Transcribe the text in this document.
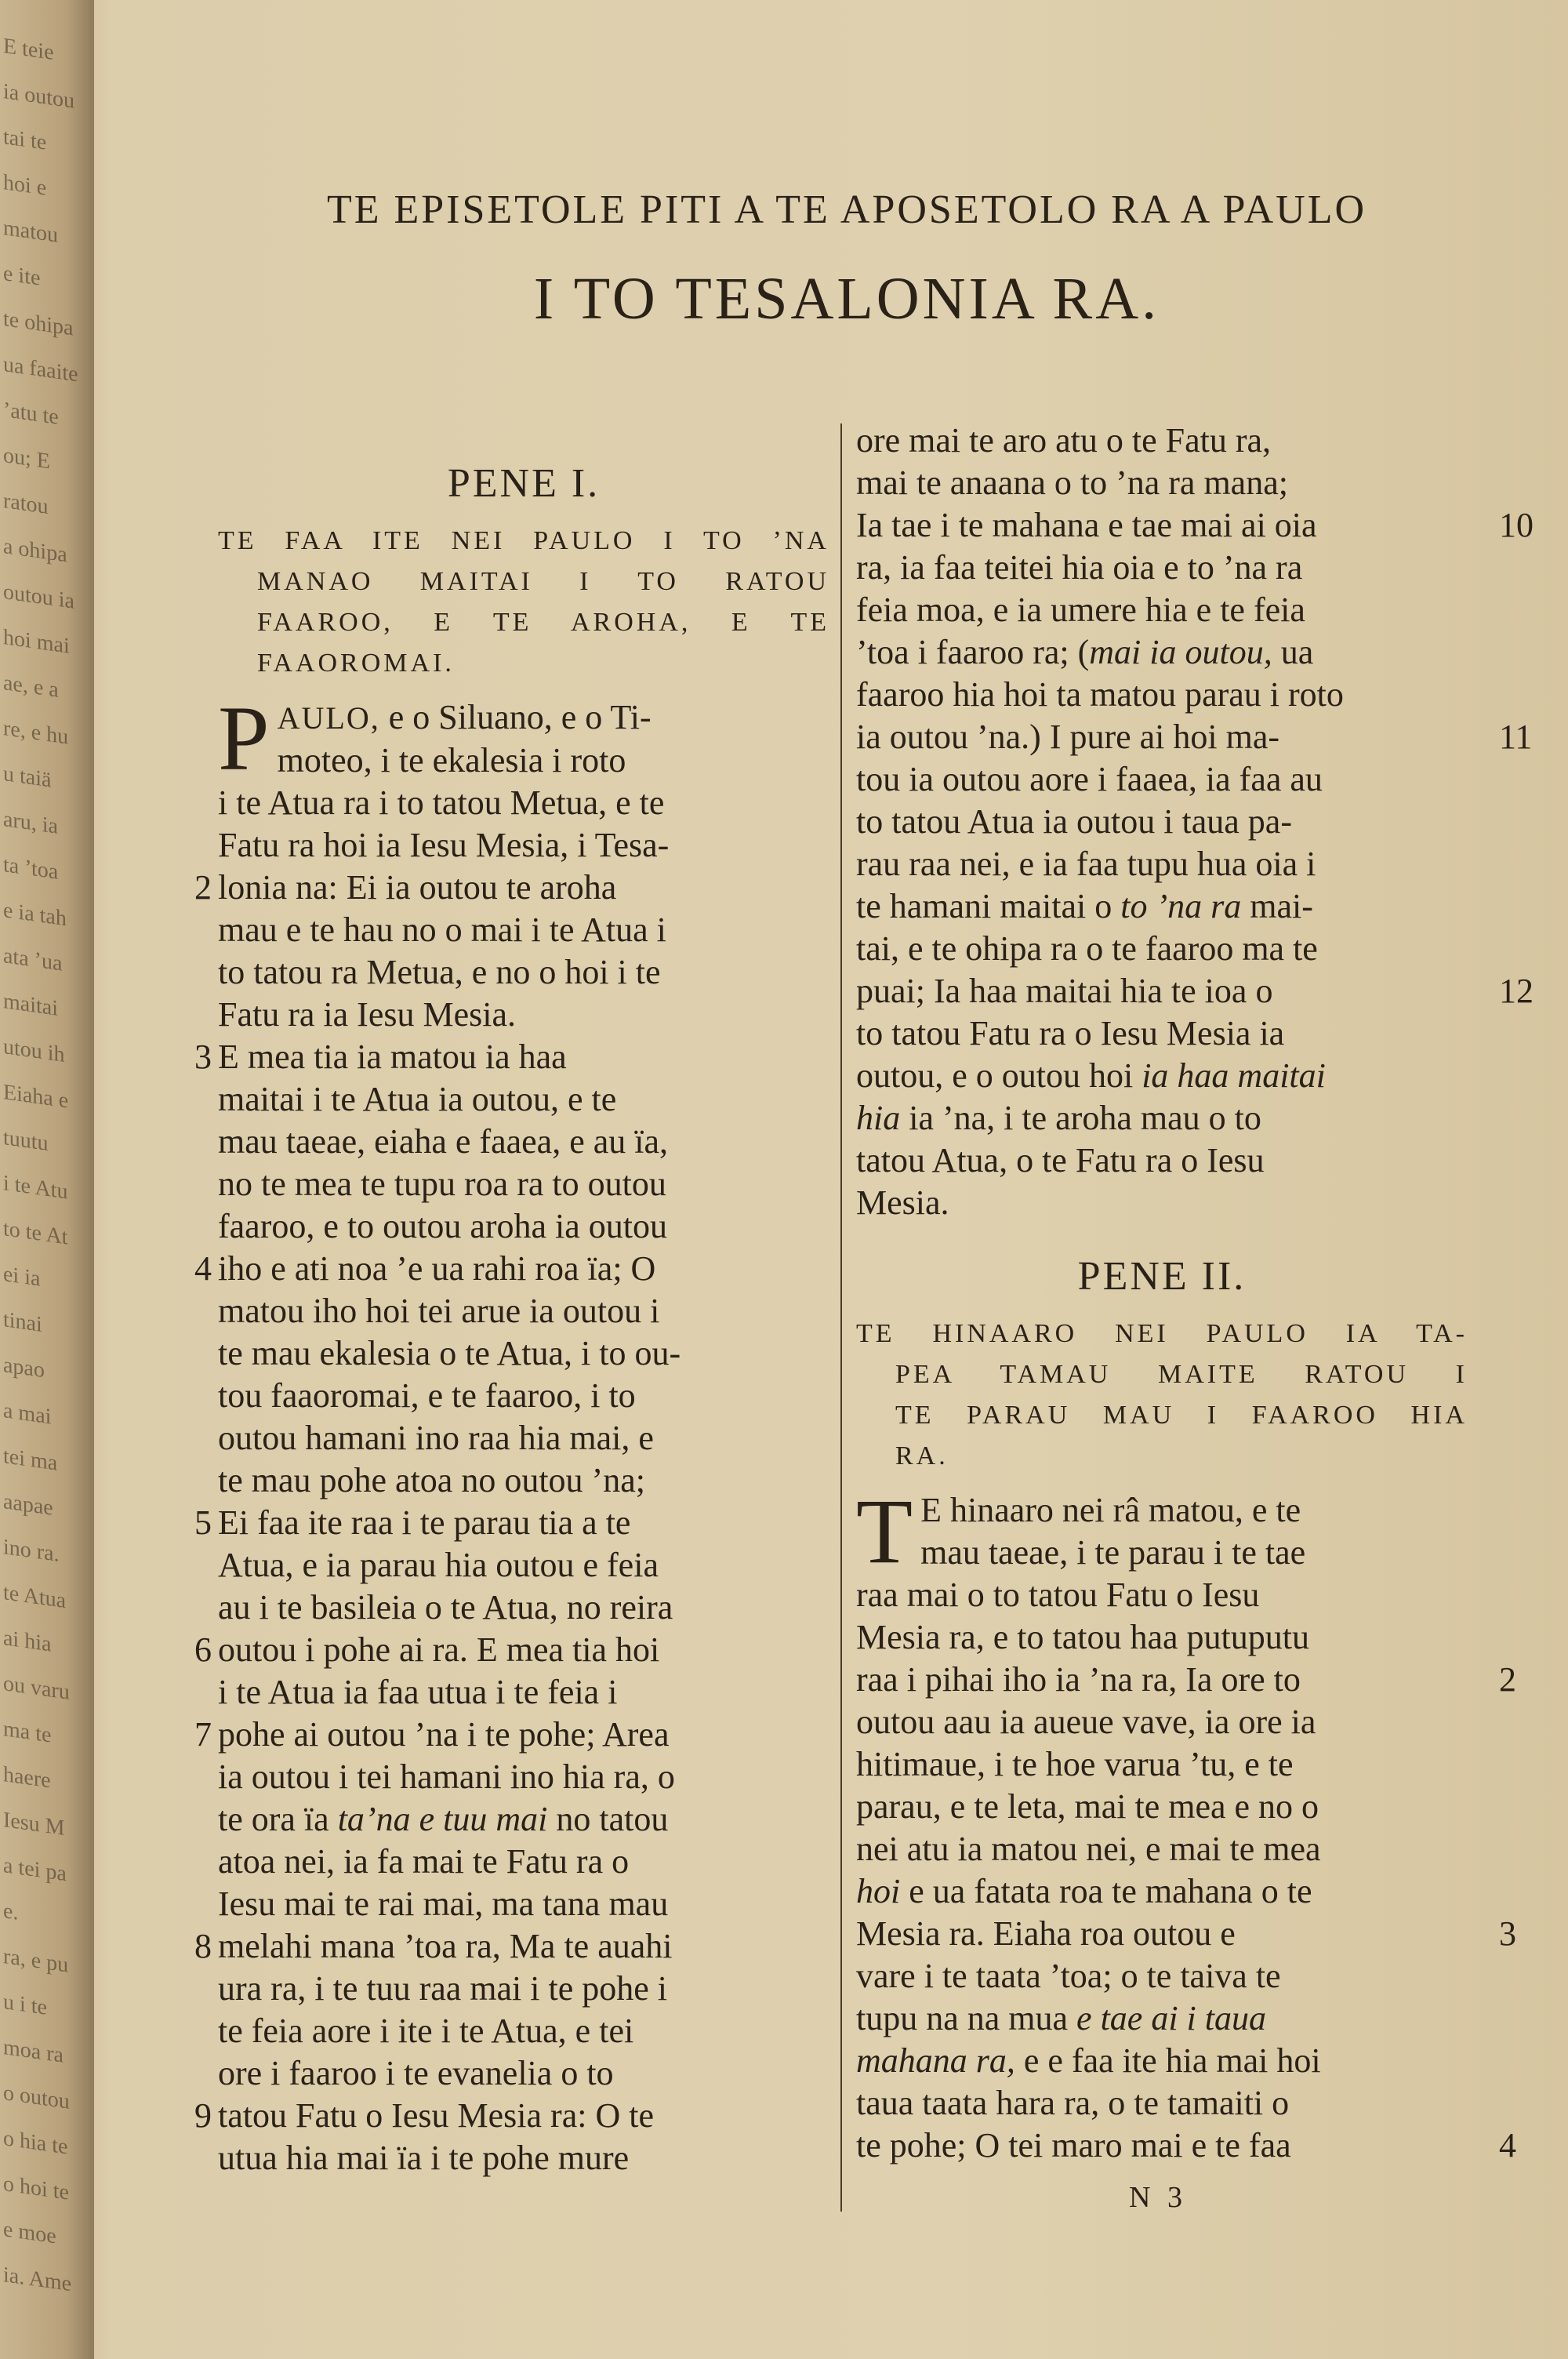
E teie
ia outou
tai te
hoi e
matou
e ite
te ohipa
ua faaite
’atu te
ou; E
ratou
a ohipa
outou ia
hoi mai
ae, e a
re, e hu
u taiä
aru, ia
ta ’toa
e ia tah
ata ’ua
maitai
utou ih
Eiaha e
tuutu
i te Atu
to te At
ei ia
tinai
apao
a mai
tei ma
aapae
ino ra.
te Atua
ai hia
ou varu
ma te
haere
Iesu M
a tei pa
e.
ra, e pu
u i te
moa ra
o outou
o hia te
o hoi te
e moe
ia. Ame
TE EPISETOLE PITI A TE APOSETOLO RA A PAULO
I TO TESALONIA RA.
PENE I.
TE FAA ITE NEI PAULO I TO ’NA
MANAO MAITAI I TO RATOU
FAAROO, E TE AROHA, E TE
FAAOROMAI.
P AULO, e o Siluano, e o Ti-
moteo, i te ekalesia i roto
i te Atua ra i to tatou Metua, e te
Fatu ra hoi ia Iesu Mesia, i Tesa-
2 lonia na: Ei ia outou te aroha
mau e te hau no o mai i te Atua i
to tatou ra Metua, e no o hoi i te
Fatu ra ia Iesu Mesia.
3 E mea tia ia matou ia haa
maitai i te Atua ia outou, e te
mau taeae, eiaha e faaea, e au ïa,
no te mea te tupu roa ra to outou
faaroo, e to outou aroha ia outou
4 iho e ati noa ’e ua rahi roa ïa; O
matou iho hoi tei arue ia outou i
te mau ekalesia o te Atua, i to ou-
tou faaoromai, e te faaroo, i to
outou hamani ino raa hia mai, e
te mau pohe atoa no outou ’na;
5 Ei faa ite raa i te parau tia a te
Atua, e ia parau hia outou e feia
au i te basileia o te Atua, no reira
6 outou i pohe ai ra. E mea tia hoi
i te Atua ia faa utua i te feia i
7 pohe ai outou ’na i te pohe; Area
ia outou i tei hamani ino hia ra, o
te ora ïa ta’na e tuu mai no tatou
atoa nei, ia fa mai te Fatu ra o
Iesu mai te rai mai, ma tana mau
8 melahi mana ’toa ra, Ma te auahi
ura ra, i te tuu raa mai i te pohe i
te feia aore i ite i te Atua, e tei
ore i faaroo i te evanelia o to
9 tatou Fatu o Iesu Mesia ra: O te
utua hia mai ïa i te pohe mure
ore mai te aro atu o te Fatu ra,
mai te anaana o to ’na ra mana;
10
Ia tae i te mahana e tae mai ai oia
ra, ia faa teitei hia oia e to ’na ra
feia moa, e ia umere hia e te feia
’toa i faaroo ra; (mai ia outou, ua
faaroo hia hoi ta matou parau i roto
11
ia outou ’na.) I pure ai hoi ma-
tou ia outou aore i faaea, ia faa au
to tatou Atua ia outou i taua pa-
rau raa nei, e ia faa tupu hua oia i
te hamani maitai o to ’na ra mai-
tai, e te ohipa ra o te faaroo ma te
12
puai; Ia haa maitai hia te ioa o
to tatou Fatu ra o Iesu Mesia ia
outou, e o outou hoi ia haa maitai
hia ia ’na, i te aroha mau o to
tatou Atua, o te Fatu ra o Iesu
Mesia.
PENE II.
TE HINAARO NEI PAULO IA TA-
PEA TAMAU MAITE RATOU I
TE PARAU MAU I FAAROO HIA
RA.
T E hinaaro nei râ matou, e te
mau taeae, i te parau i te tae
raa mai o to tatou Fatu o Iesu
Mesia ra, e to tatou haa putuputu
2
raa i pihai iho ia ’na ra, Ia ore to
outou aau ia aueue vave, ia ore ia
hitimaue, i te hoe varua ’tu, e te
parau, e te leta, mai te mea e no o
nei atu ia matou nei, e mai te mea
hoi e ua fatata roa te mahana o te
3
Mesia ra. Eiaha roa outou e
vare i te taata ’toa; o te taiva te
tupu na na mua e tae ai i taua
mahana ra, e e faa ite hia mai hoi
taua taata hara ra, o te tamaiti o
4
te pohe; O tei maro mai e te faa
N 3
